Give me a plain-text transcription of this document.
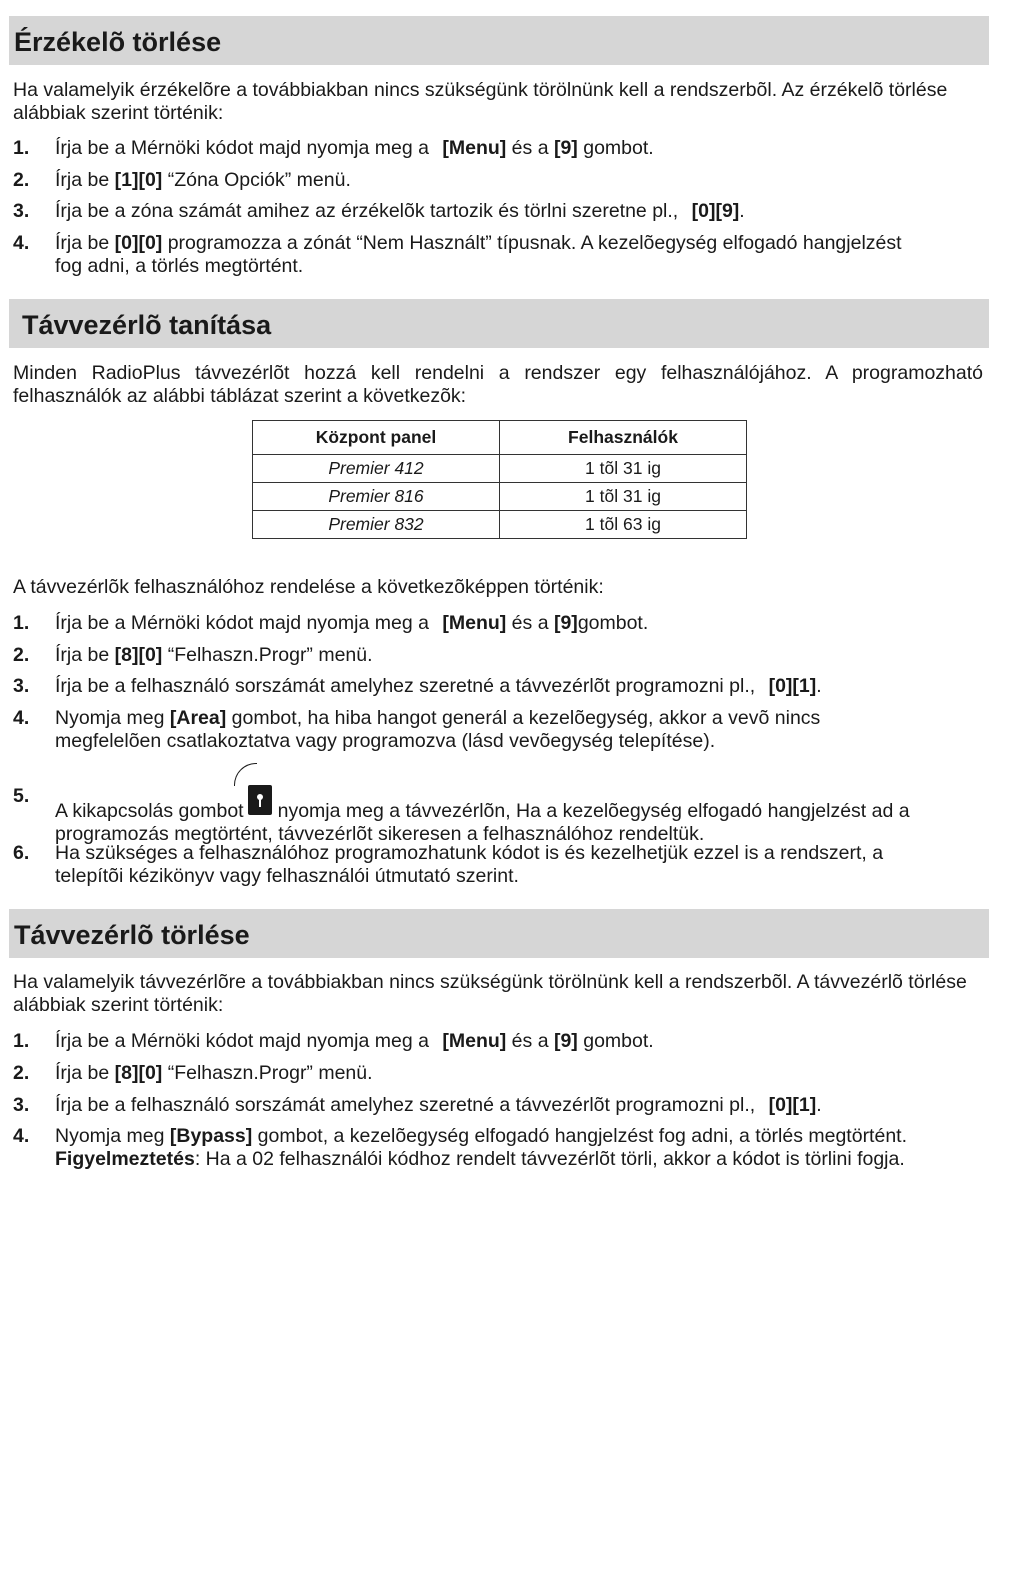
Érzékelõ törlése
Ha valamelyik érzékelõre a továbbiakban nincs szükségünk törölnünk kell a rendszerbõl. Az érzékelõ törlése alábbiak szerint történik:
1. Írja be a Mérnöki kódot majd nyomja meg a [Menu] és a [9] gombot.
2. Írja be [1][0] “Zóna Opciók” menü.
3. Írja be a zóna számát amihez az érzékelõk tartozik és törlni szeretne pl., [0][9].
4. Írja be [0][0] programozza a zónát “Nem Használt” típusnak. A kezelõegység elfogadó hangjelzést fog adni, a törlés megtörtént.
Távvezérlõ tanítása
Minden RadioPlus távvezérlõt hozzá kell rendelni a rendszer egy felhasználójához. A programozható felhasználók az alábbi táblázat szerint a következõk:
Központ panel	Felhasználók
Premier 412	1 tõl 31 ig
Premier 816	1 tõl 31 ig
Premier 832	1 tõl 63 ig
A távvezérlõk felhasználóhoz rendelése a következõképpen történik:
1. Írja be a Mérnöki kódot majd nyomja meg a [Menu] és a [9]gombot.
2. Írja be [8][0] “Felhaszn.Progr” menü.
3. Írja be a felhasználó sorszámát amelyhez szeretné a távvezérlõt programozni pl., [0][1].
4. Nyomja meg [Area] gombot, ha hiba hangot generál a kezelõegység, akkor a vevõ nincs megfelelõen csatlakoztatva vagy programozva (lásd vevõegység telepítése).
5.
A kikapcsolás gombot nyomja meg a távvezérlõn, Ha a kezelõegység elfogadó hangjelzést ad a programozás megtörtént, távvezérlõt sikeresen a felhasználóhoz rendeltük.
6. Ha szükséges a felhasználóhoz programozhatunk kódot is és kezelhetjük ezzel is a rendszert, a telepítõi kézikönyv vagy felhasználói útmutató szerint.
Távvezérlõ törlése
Ha valamelyik távvezérlõre a továbbiakban nincs szükségünk törölnünk kell a rendszerbõl. A távvezérlõ törlése alábbiak szerint történik:
1. Írja be a Mérnöki kódot majd nyomja meg a [Menu] és a [9] gombot.
2. Írja be [8][0] “Felhaszn.Progr” menü.
3. Írja be a felhasználó sorszámát amelyhez szeretné a távvezérlõt programozni pl., [0][1].
4. Nyomja meg [Bypass] gombot, a kezelõegység elfogadó hangjelzést fog adni, a törlés megtörtént.
Figyelmeztetés: Ha a 02 felhasználói kódhoz rendelt távvezérlõt törli, akkor a kódot is törlini fogja.
